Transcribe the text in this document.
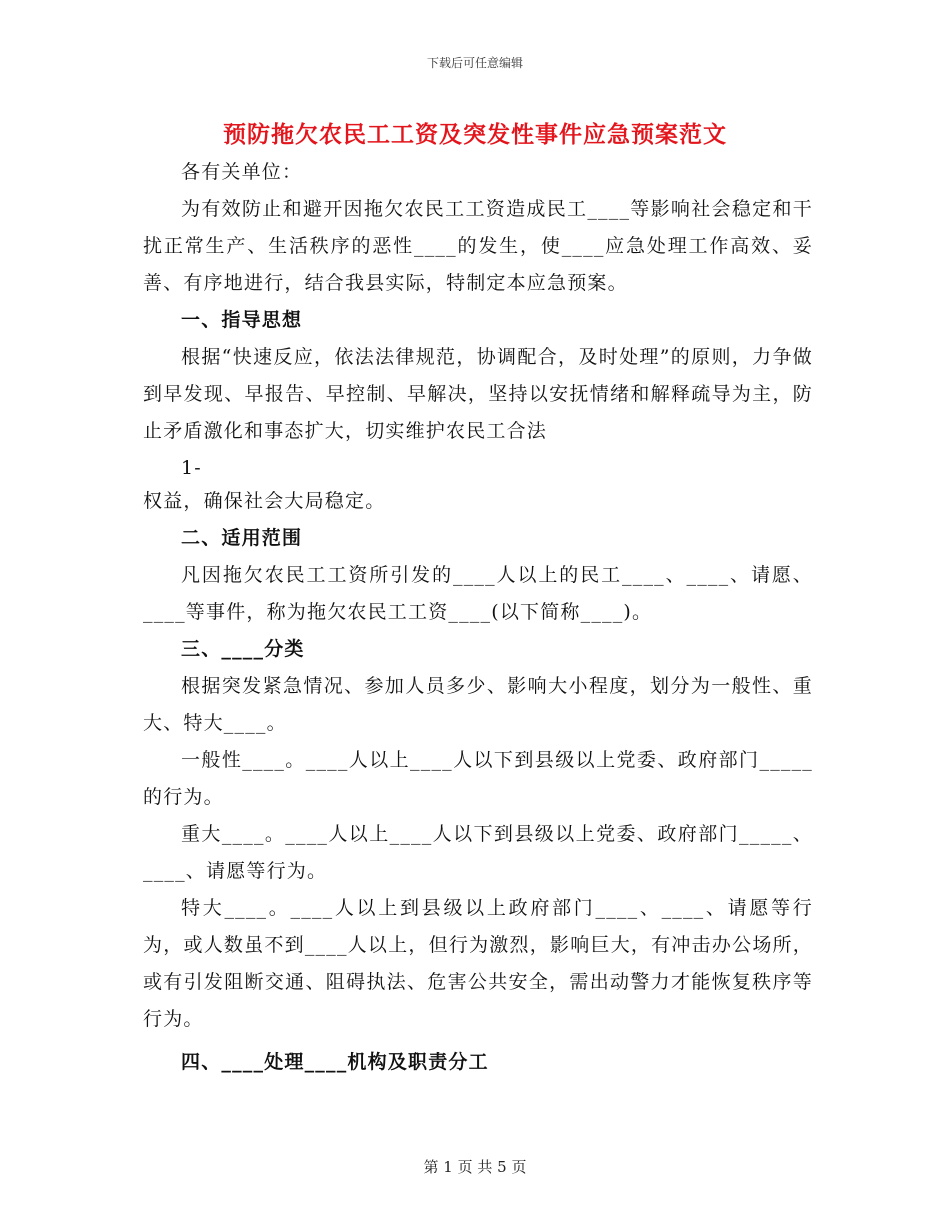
下载后可任意编辑
预防拖欠农民工工资及突发性事件应急预案范文

各有关单位：

为有效防止和避开因拖欠农民工工资造成民工____等影响社会稳定和干扰正常生产、生活秩序的恶性____的发生，使____应急处理工作高效、妥善、有序地进行，结合我县实际，特制定本应急预案。

一、指导思想

根据“快速反应，依法法律规范，协调配合，及时处理”的原则，力争做到早发现、早报告、早控制、早解决，坚持以安抚情绪和解释疏导为主，防止矛盾激化和事态扩大，切实维护农民工合法

1-

权益，确保社会大局稳定。

二、适用范围

凡因拖欠农民工工资所引发的____人以上的民工____、____、请愿、____等事件，称为拖欠农民工工资____(以下简称____)。

三、____分类

根据突发紧急情况、参加人员多少、影响大小程度，划分为一般性、重大、特大____。

一般性____。____人以上____人以下到县级以上党委、政府部门_____的行为。

重大____。____人以上____人以下到县级以上党委、政府部门_____、____、请愿等行为。

特大____。____人以上到县级以上政府部门____、____、请愿等行为，或人数虽不到____人以上，但行为激烈，影响巨大，有冲击办公场所，或有引发阻断交通、阻碍执法、危害公共安全，需出动警力才能恢复秩序等行为。

四、____处理____机构及职责分工

第 1 页 共 5 页
